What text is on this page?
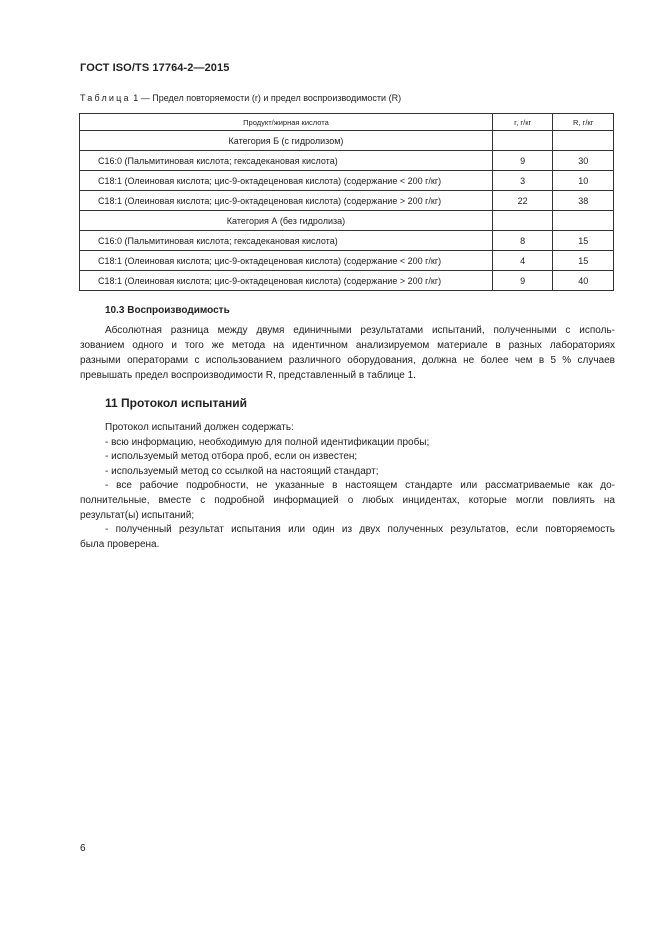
ГОСТ ISO/TS 17764-2—2015
Таблица 1 — Предел повторяемости (r) и предел воспроизводимости (R)
Продукт/жирная кислота	r, г/кг	R, г/кг
Категория Б (с гидролизом)		
C16:0 (Пальмитиновая кислота; гексадекановая кислота)	9	30
C18:1 (Олеиновая кислота; цис-9-октадеценовая кислота) (содержание < 200 г/кг)	3	10
C18:1 (Олеиновая кислота; цис-9-октадеценовая кислота) (содержание > 200 г/кг)	22	38
Категория А (без гидролиза)		
C16:0 (Пальмитиновая кислота; гексадекановая кислота)	8	15
C18:1 (Олеиновая кислота; цис-9-октадеценовая кислота) (содержание < 200 г/кг)	4	15
C18:1 (Олеиновая кислота; цис-9-октадеценовая кислота) (содержание > 200 г/кг)	9	40
10.3 Воспроизводимость
Абсолютная разница между двумя единичными результатами испытаний, полученными с исполь-
зованием одного и того же метода на идентичном анализируемом материале в разных лабораториях
разными операторами с использованием различного оборудования, должна не более чем в 5 % случаев
превышать предел воспроизводимости R, представленный в таблице 1.
11 Протокол испытаний
Протокол испытаний должен содержать:
- всю информацию, необходимую для полной идентификации пробы;
- используемый метод отбора проб, если он известен;
- используемый метод со ссылкой на настоящий стандарт;
- все рабочие подробности, не указанные в настоящем стандарте или рассматриваемые как до-
полнительные, вместе с подробной информацией о любых инцидентах, которые могли повлиять на
результат(ы) испытаний;
- полученный результат испытания или один из двух полученных результатов, если повторяемость
была проверена.
6
